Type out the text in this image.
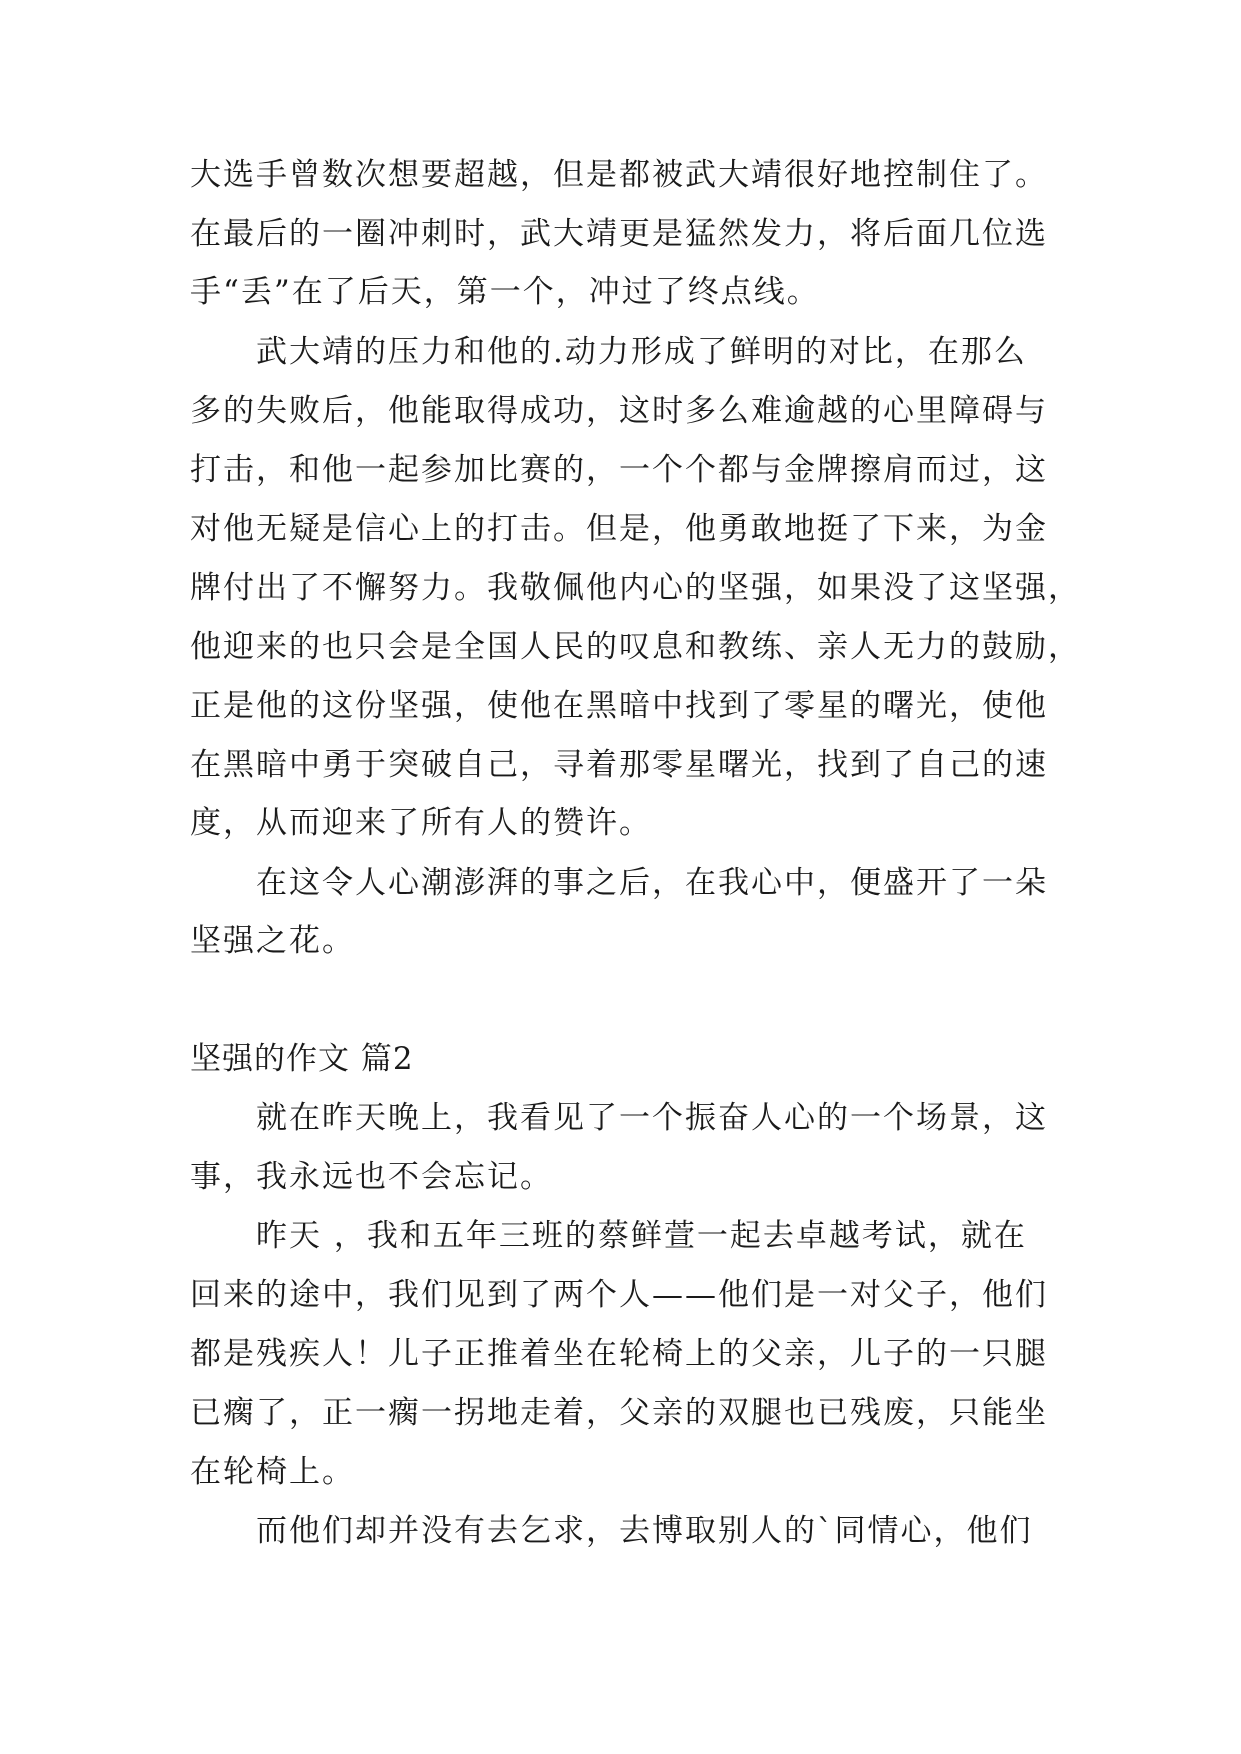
大选手曾数次想要超越，但是都被武大靖很好地控制住了。
在最后的一圈冲刺时，武大靖更是猛然发力，将后面几位选
手“丢”在了后天，第一个，冲过了终点线。
武大靖的压力和他的.动力形成了鲜明的对比，在那么
多的失败后，他能取得成功，这时多么难逾越的心里障碍与
打击，和他一起参加比赛的，一个个都与金牌擦肩而过，这
对他无疑是信心上的打击。但是，他勇敢地挺了下来，为金
牌付出了不懈努力。我敬佩他内心的坚强，如果没了这坚强，
他迎来的也只会是全国人民的叹息和教练、亲人无力的鼓励，
正是他的这份坚强，使他在黑暗中找到了零星的曙光，使他
在黑暗中勇于突破自己，寻着那零星曙光，找到了自己的速
度，从而迎来了所有人的赞许。
在这令人心潮澎湃的事之后，在我心中，便盛开了一朵
坚强之花。
坚强的作文 篇2
就在昨天晚上，我看见了一个振奋人心的一个场景，这
事，我永远也不会忘记。
昨天 ，我和五年三班的蔡鲜萱一起去卓越考试，就在
回来的途中，我们见到了两个人——他们是一对父子，他们
都是残疾人！儿子正推着坐在轮椅上的父亲，儿子的一只腿
已瘸了，正一瘸一拐地走着，父亲的双腿也已残废，只能坐
在轮椅上。
而他们却并没有去乞求，去博取别人的`同情心，他们
